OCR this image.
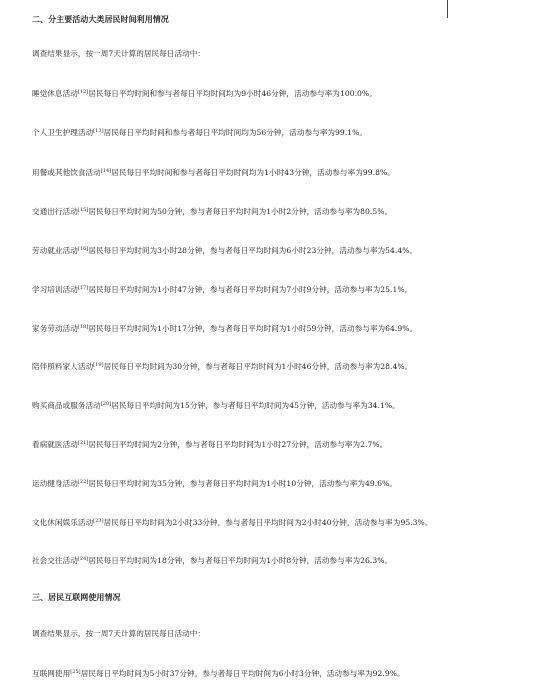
二、分主要活动大类居民时间利用情况
调查结果显示，按一周7天计算的居民每日活动中：
睡觉休息活动[12]居民每日平均时间和参与者每日平均时间均为9小时46分钟，活动参与率为100.0%。
个人卫生护理活动[13]居民每日平均时间和参与者每日平均时间均为56分钟，活动参与率为99.1%。
用餐或其他饮食活动[14]居民每日平均时间和参与者每日平均时间均为1小时43分钟，活动参与率为99.8%。
交通出行活动[15]居民每日平均时间为50分钟，参与者每日平均时间为1小时2分钟，活动参与率为80.5%。
劳动就业活动[16]居民每日平均时间为3小时28分钟，参与者每日平均时间为6小时23分钟，活动参与率为54.4%。
学习培训活动[17]居民每日平均时间为1小时47分钟，参与者每日平均时间为7小时9分钟，活动参与率为25.1%。
家务劳动活动[18]居民每日平均时间为1小时17分钟，参与者每日平均时间为1小时59分钟，活动参与率为64.9%。
陪伴照料家人活动[19]居民每日平均时间为30分钟，参与者每日平均时间为1小时46分钟，活动参与率为28.4%。
购买商品或服务活动[20]居民每日平均时间为15分钟，参与者每日平均时间为45分钟，活动参与率为34.1%。
看病就医活动[21]居民每日平均时间为2分钟，参与者每日平均时间为1小时27分钟，活动参与率为2.7%。
运动健身活动[22]居民每日平均时间为35分钟，参与者每日平均时间为1小时10分钟，活动参与率为49.6%。
文化休闲娱乐活动[23]居民每日平均时间为2小时33分钟，参与者每日平均时间为2小时40分钟，活动参与率为95.3%。
社会交往活动[24]居民每日平均时间为18分钟，参与者每日平均时间为1小时8分钟，活动参与率为26.3%。
三、居民互联网使用情况
调查结果显示，按一周7天计算的居民每日活动中：
互联网使用[25]居民每日平均时间为5小时37分钟，参与者每日平均时间为6小时3分钟，活动参与率为92.9%。
